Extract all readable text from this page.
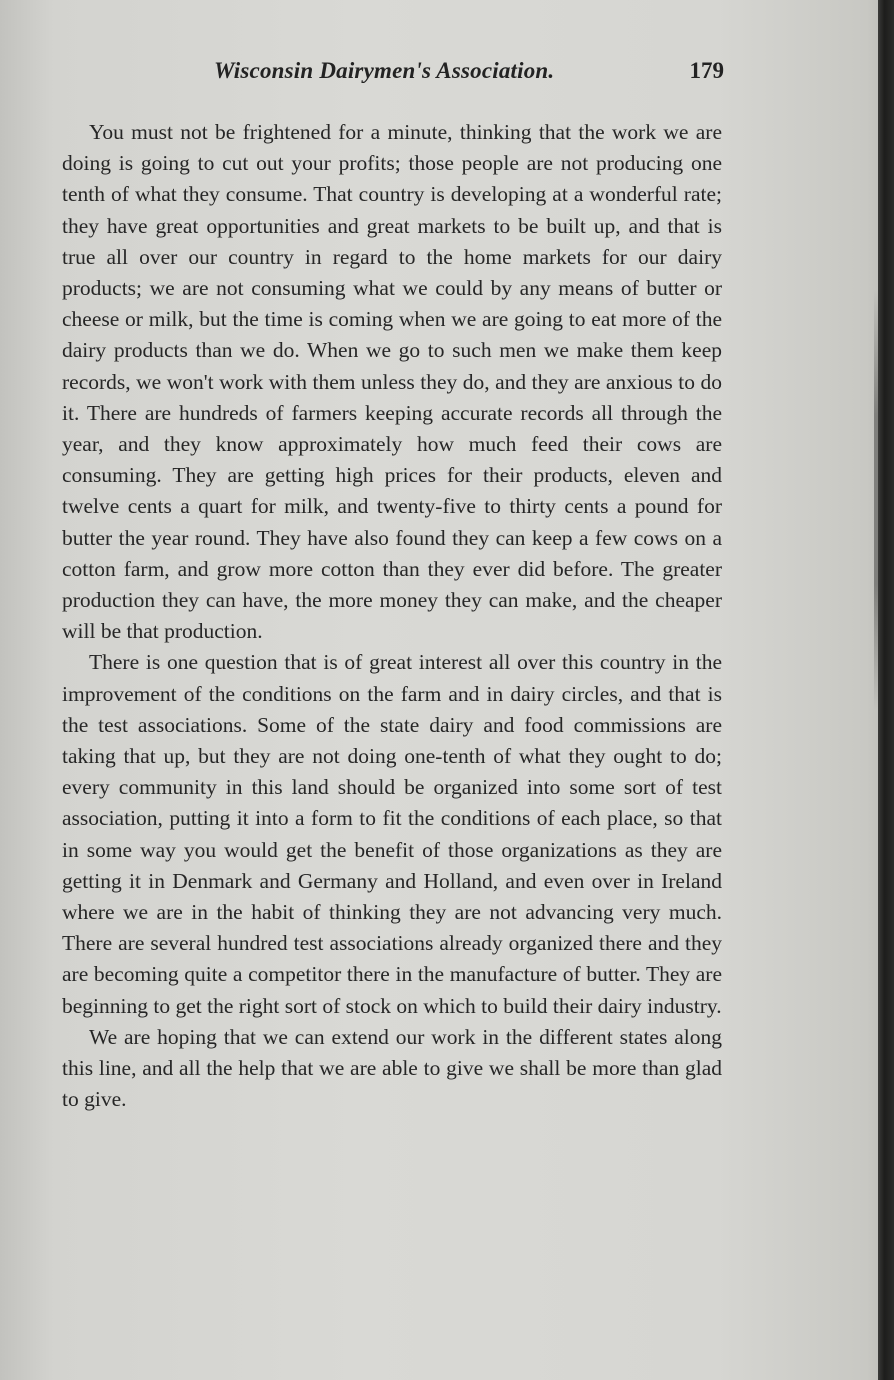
Wisconsin Dairymen's Association.	179

You must not be frightened for a minute, thinking that the work we are doing is going to cut out your profits; those people are not producing one tenth of what they consume. That country is developing at a wonderful rate; they have great opportunities and great markets to be built up, and that is true all over our country in regard to the home markets for our dairy products; we are not consuming what we could by any means of butter or cheese or milk, but the time is coming when we are going to eat more of the dairy products than we do. When we go to such men we make them keep records, we won't work with them unless they do, and they are anxious to do it. There are hundreds of farmers keeping accurate records all through the year, and they know approximately how much feed their cows are consuming. They are getting high prices for their products, eleven and twelve cents a quart for milk, and twenty-five to thirty cents a pound for butter the year round. They have also found they can keep a few cows on a cotton farm, and grow more cotton than they ever did before. The greater production they can have, the more money they can make, and the cheaper will be that production.

There is one question that is of great interest all over this country in the improvement of the conditions on the farm and in dairy circles, and that is the test associations. Some of the state dairy and food commissions are taking that up, but they are not doing one-tenth of what they ought to do; every community in this land should be organized into some sort of test association, putting it into a form to fit the conditions of each place, so that in some way you would get the benefit of those organizations as they are getting it in Denmark and Germany and Holland, and even over in Ireland where we are in the habit of thinking they are not advancing very much. There are several hundred test associations already organized there and they are becoming quite a competitor there in the manufacture of butter. They are beginning to get the right sort of stock on which to build their dairy industry.

We are hoping that we can extend our work in the different states along this line, and all the help that we are able to give we shall be more than glad to give.
